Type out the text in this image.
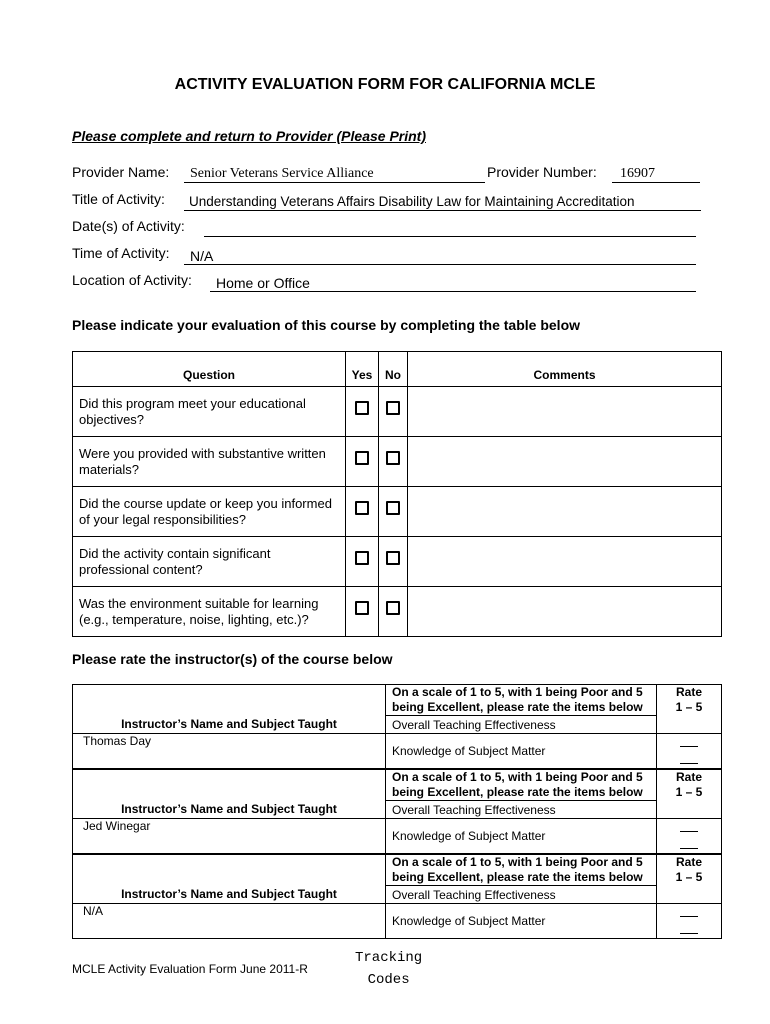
ACTIVITY EVALUATION FORM FOR CALIFORNIA MCLE
Please complete and return to Provider (Please Print)
Provider Name:	Senior Veterans Service Alliance	Provider Number:	16907
Title of Activity:	Understanding Veterans Affairs Disability Law for Maintaining Accreditation
Date(s) of Activity:
Time of Activity:	N/A
Location of Activity:	Home or Office
Please indicate your evaluation of this course by completing the table below
Question	Yes	No	Comments
Did this program meet your educational objectives?			
Were you provided with substantive written materials?			
Did the course update or keep you informed of your legal responsibilities?			
Did the activity contain significant professional content?			
Was the environment suitable for learning (e.g., temperature, noise, lighting, etc.)?			
Please rate the instructor(s) of the course below
Instructor’s Name and Subject Taught	On a scale of 1 to 5, with 1 being Poor and 5 being Excellent, please rate the items below	Rate
1 – 5
	Overall Teaching Effectiveness	
Thomas Day	Knowledge of Subject Matter	

Instructor’s Name and Subject Taught	On a scale of 1 to 5, with 1 being Poor and 5 being Excellent, please rate the items below	Rate
1 – 5
	Overall Teaching Effectiveness	
Jed Winegar	Knowledge of Subject Matter	

Instructor’s Name and Subject Taught	On a scale of 1 to 5, with 1 being Poor and 5 being Excellent, please rate the items below	Rate
1 – 5
	Overall Teaching Effectiveness	
N/A	Knowledge of Subject Matter	

MCLE Activity Evaluation Form June 2011-R
Tracking
Codes
